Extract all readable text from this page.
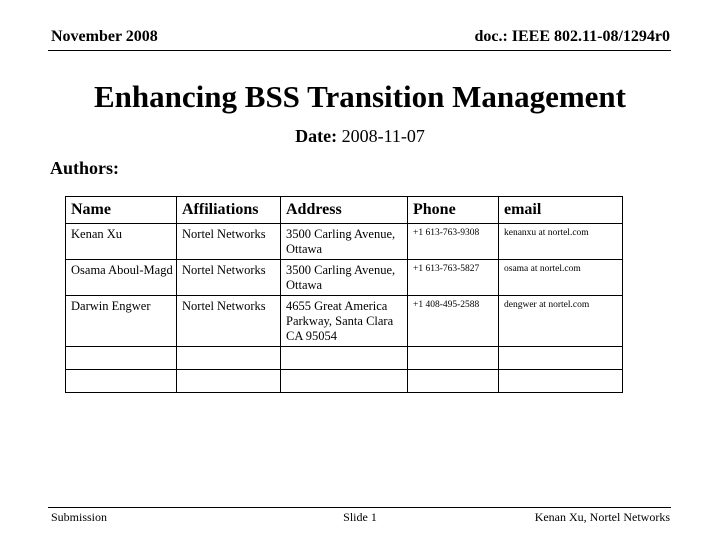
November 2008	doc.: IEEE 802.11-08/1294r0
Enhancing BSS Transition Management
Date: 2008-11-07
Authors:
Name	Affiliations	Address	Phone	email
Kenan Xu	Nortel Networks	3500 Carling Avenue, Ottawa	+1 613-763-9308	kenanxu at nortel.com
Osama Aboul-Magd	Nortel Networks	3500 Carling Avenue, Ottawa	+1 613-763-5827	osama at nortel.com
Darwin Engwer	Nortel Networks	4655 Great America Parkway, Santa Clara CA 95054	+1 408-495-2588	dengwer at nortel.com

Submission	Slide 1	Kenan Xu, Nortel Networks
